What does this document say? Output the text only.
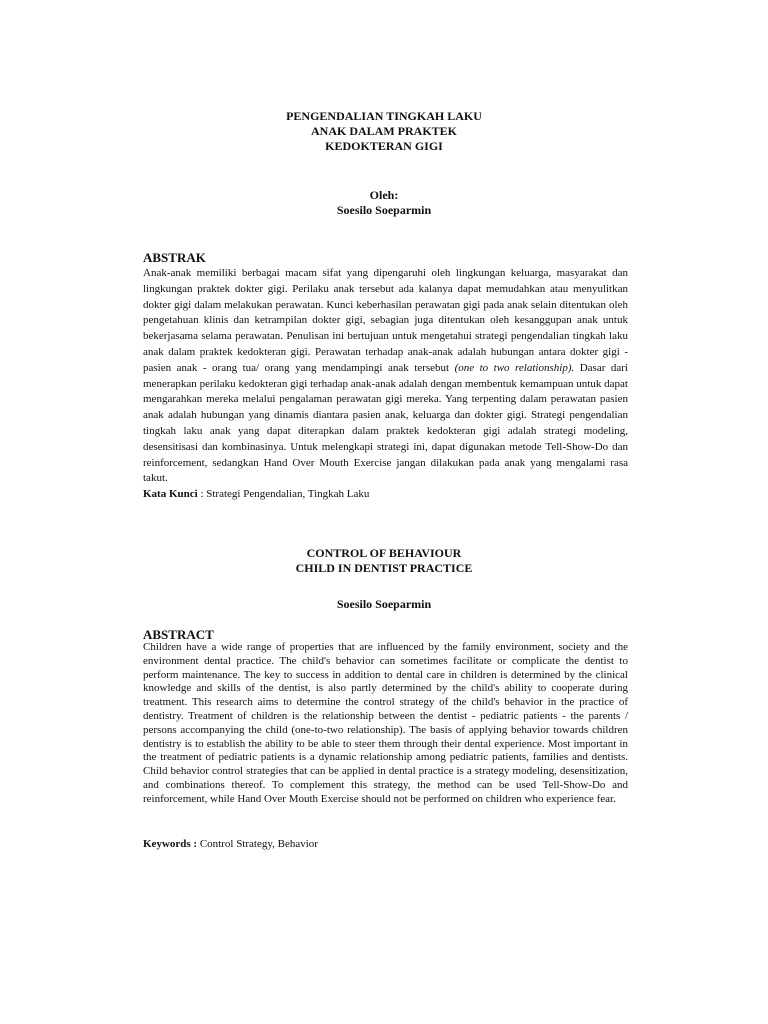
PENGENDALIAN TINGKAH LAKU
ANAK DALAM PRAKTEK
KEDOKTERAN GIGI
Oleh:
Soesilo Soeparmin
ABSTRAK
Anak-anak memiliki berbagai macam sifat yang dipengaruhi oleh lingkungan keluarga, masyarakat dan lingkungan praktek dokter gigi. Perilaku anak tersebut ada kalanya dapat memudahkan atau menyulitkan dokter gigi dalam melakukan perawatan. Kunci keberhasilan perawatan gigi pada anak selain ditentukan oleh pengetahuan klinis dan ketrampilan dokter gigi, sebagian juga ditentukan oleh kesanggupan anak untuk bekerjasama selama perawatan. Penulisan ini bertujuan untuk mengetahui strategi pengendalian tingkah laku anak dalam praktek kedokteran gigi. Perawatan terhadap anak-anak adalah hubungan antara dokter gigi - pasien anak - orang tua/ orang yang mendampingi anak tersebut (one to two relationship). Dasar dari menerapkan perilaku kedokteran gigi terhadap anak-anak adalah dengan membentuk kemampuan untuk dapat mengarahkan mereka melalui pengalaman perawatan gigi mereka. Yang terpenting dalam perawatan pasien anak adalah hubungan yang dinamis diantara pasien anak, keluarga dan dokter gigi. Strategi pengendalian tingkah laku anak yang dapat diterapkan dalam praktek kedokteran gigi adalah strategi modeling, desensitisasi dan kombinasinya. Untuk melengkapi strategi ini, dapat digunakan metode Tell-Show-Do dan reinforcement, sedangkan Hand Over Mouth Exercise jangan dilakukan pada anak yang mengalami rasa takut.
Kata Kunci : Strategi Pengendalian, Tingkah Laku
CONTROL OF BEHAVIOUR
CHILD IN DENTIST PRACTICE
Soesilo Soeparmin
ABSTRACT
Children have a wide range of properties that are influenced by the family environment, society and the environment dental practice. The child's behavior can sometimes facilitate or complicate the dentist to perform maintenance. The key to success in addition to dental care in children is determined by the clinical knowledge and skills of the dentist, is also partly determined by the child's ability to cooperate during treatment. This research aims to determine the control strategy of the child's behavior in the practice of dentistry. Treatment of children is the relationship between the dentist - pediatric patients - the parents / persons accompanying the child (one-to-two relationship). The basis of applying behavior towards children dentistry is to establish the ability to be able to steer them through their dental experience. Most important in the treatment of pediatric patients is a dynamic relationship among pediatric patients, families and dentists. Child behavior control strategies that can be applied in dental practice is a strategy modeling, desensitization, and combinations thereof. To complement this strategy, the method can be used Tell-Show-Do and reinforcement, while Hand Over Mouth Exercise should not be performed on children who experience fear.
Keywords : Control Strategy, Behavior
